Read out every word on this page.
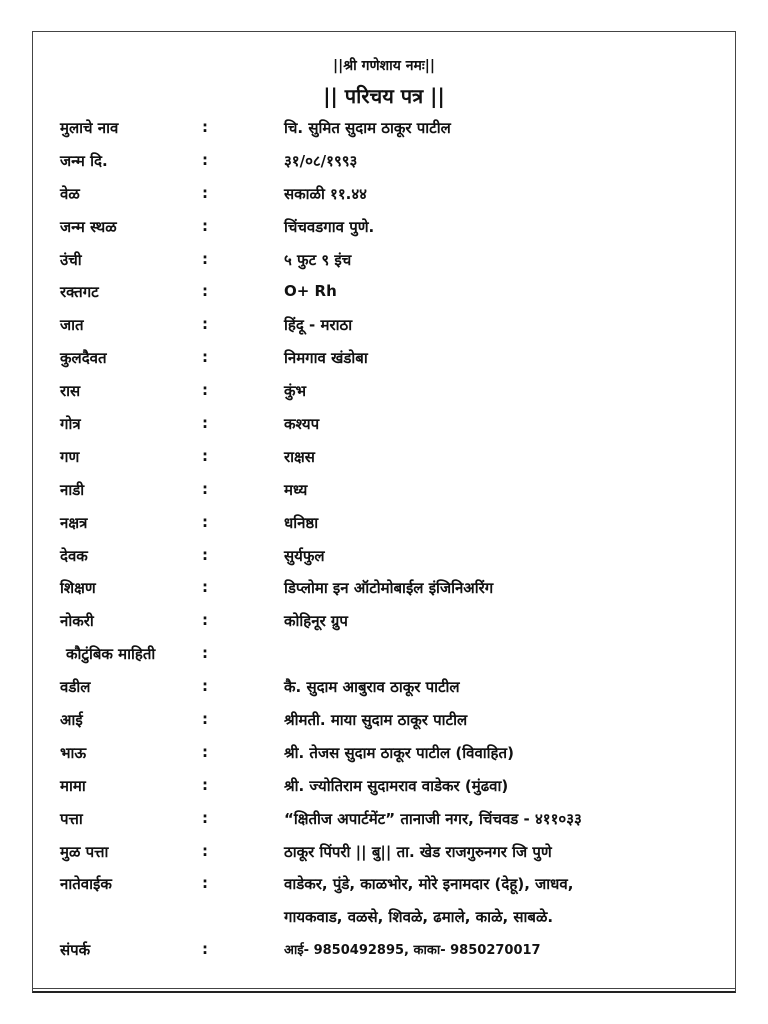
||श्री गणेशाय नमः||
|| परिचय पत्र ||
मुलाचे नाव	:	चि. सुमित सुदाम ठाकूर पाटील
जन्म दि.	:	३१/०८/१९९३
वेळ	:	सकाळी ११.४४
जन्म स्थळ	:	चिंचवडगाव पुणे.
उंची	:	५ फुट ९ इंच
रक्तगट	:	O+ Rh
जात	:	हिंदू - मराठा
कुलदैवत	:	निमगाव खंडोबा
रास	:	कुंभ
गोत्र	:	कश्यप
गण	:	राक्षस
नाडी	:	मध्य
नक्षत्र	:	धनिष्ठा
देवक	:	सुर्यफुल
शिक्षण	:	डिप्लोमा इन ऑटोमोबाईल इंजिनिअरिंग
नोकरी	:	कोहिनूर ग्रुप
कौटुंबिक माहिती	:
वडील	:	कै. सुदाम आबुराव ठाकूर पाटील
आई	:	श्रीमती. माया सुदाम ठाकूर पाटील
भाऊ	:	श्री. तेजस सुदाम ठाकूर पाटील (विवाहित)
मामा	:	श्री. ज्योतिराम सुदामराव वाडेकर (मुंढवा)
पत्ता	:	“क्षितीज अपार्टमेंट” तानाजी नगर, चिंचवड - ४११०३३
मुळ पत्ता	:	ठाकूर पिंपरी || बु|| ता. खेड राजगुरुनगर जि पुणे
नातेवाईक	:	वाडेकर, पुंडे, काळभोर, मोरे इनामदार (देहू), जाधव,
गायकवाड, वळसे, शिवळे, ढमाले, काळे, साबळे.
संपर्क	:	आई- 9850492895, काका- 9850270017
